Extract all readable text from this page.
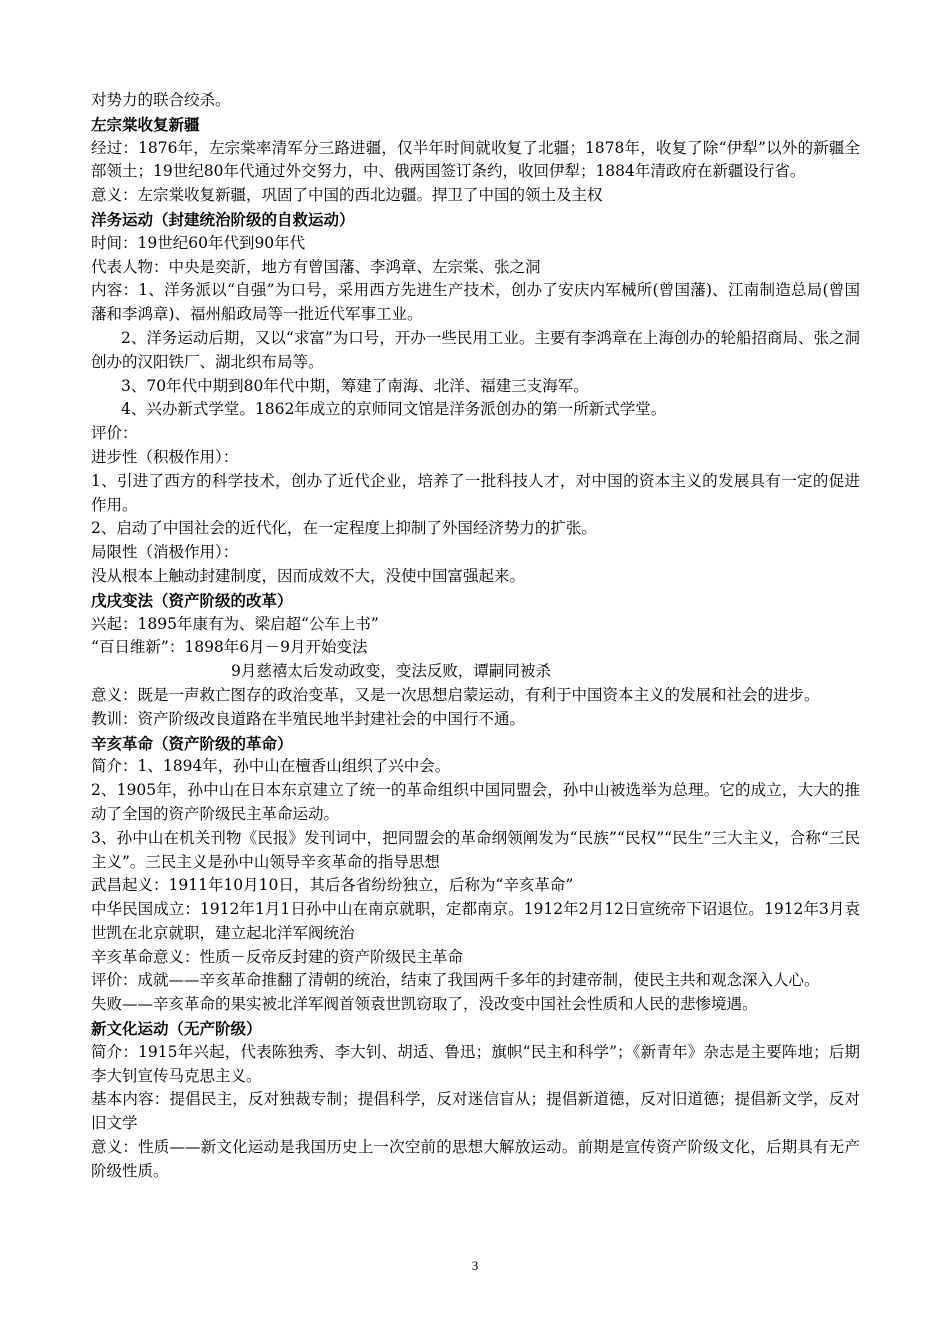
对势力的联合绞杀。

左宗棠收复新疆

经过：1876年，左宗棠率清军分三路进疆，仅半年时间就收复了北疆；1878年，收复了除“伊犁”以外的新疆全部领土；19世纪80年代通过外交努力，中、俄两国签订条约，收回伊犁；1884年清政府在新疆设行省。

意义：左宗棠收复新疆，巩固了中国的西北边疆。捍卫了中国的领土及主权

洋务运动（封建统治阶级的自救运动）

时间：19世纪60年代到90年代

代表人物：中央是奕訢，地方有曾国藩、李鸿章、左宗棠、张之洞

内容：1、洋务派以“自强”为口号，采用西方先进生产技术，创办了安庆内军械所(曾国藩)、江南制造总局(曾国藩和李鸿章)、福州船政局等一批近代军事工业。

2、洋务运动后期，又以“求富”为口号，开办一些民用工业。主要有李鸿章在上海创办的轮船招商局、张之洞创办的汉阳铁厂、湖北织布局等。

3、70年代中期到80年代中期，筹建了南海、北洋、福建三支海军。

4、兴办新式学堂。1862年成立的京师同文馆是洋务派创办的第一所新式学堂。

评价：

进步性（积极作用）：

1、引进了西方的科学技术，创办了近代企业，培养了一批科技人才，对中国的资本主义的发展具有一定的促进作用。

2、启动了中国社会的近代化，在一定程度上抑制了外国经济势力的扩张。

局限性（消极作用）：

没从根本上触动封建制度，因而成效不大，没使中国富强起来。

戊戌变法（资产阶级的改革）

兴起：1895年康有为、梁启超“公车上书”

“百日维新”：1898年6月－9月开始变法

9月慈禧太后发动政变，变法反败，谭嗣同被杀

意义：既是一声救亡图存的政治变革，又是一次思想启蒙运动，有利于中国资本主义的发展和社会的进步。

教训：资产阶级改良道路在半殖民地半封建社会的中国行不通。

辛亥革命（资产阶级的革命）

简介：1、1894年，孙中山在檀香山组织了兴中会。

2、1905年，孙中山在日本东京建立了统一的革命组织中国同盟会，孙中山被选举为总理。它的成立，大大的推动了全国的资产阶级民主革命运动。

3、孙中山在机关刊物《民报》发刊词中，把同盟会的革命纲领阐发为“民族”“民权”“民生”三大主义，合称“三民主义”。三民主义是孙中山领导辛亥革命的指导思想

武昌起义：1911年10月10日，其后各省纷纷独立，后称为“辛亥革命”

中华民国成立：1912年1月1日孙中山在南京就职，定都南京。1912年2月12日宣统帝下诏退位。1912年3月袁世凯在北京就职，建立起北洋军阀统治

辛亥革命意义：性质－反帝反封建的资产阶级民主革命

评价：成就——辛亥革命推翻了清朝的统治，结束了我国两千多年的封建帝制，使民主共和观念深入人心。

失败——辛亥革命的果实被北洋军阀首领袁世凯窃取了，没改变中国社会性质和人民的悲惨境遇。

新文化运动（无产阶级）

简介：1915年兴起，代表陈独秀、李大钊、胡适、鲁迅；旗帜“民主和科学”；《新青年》杂志是主要阵地；后期李大钊宣传马克思主义。

基本内容：提倡民主，反对独裁专制；提倡科学，反对迷信盲从；提倡新道德，反对旧道德；提倡新文学，反对旧文学

意义：性质——新文化运动是我国历史上一次空前的思想大解放运动。前期是宣传资产阶级文化，后期具有无产阶级性质。

3
